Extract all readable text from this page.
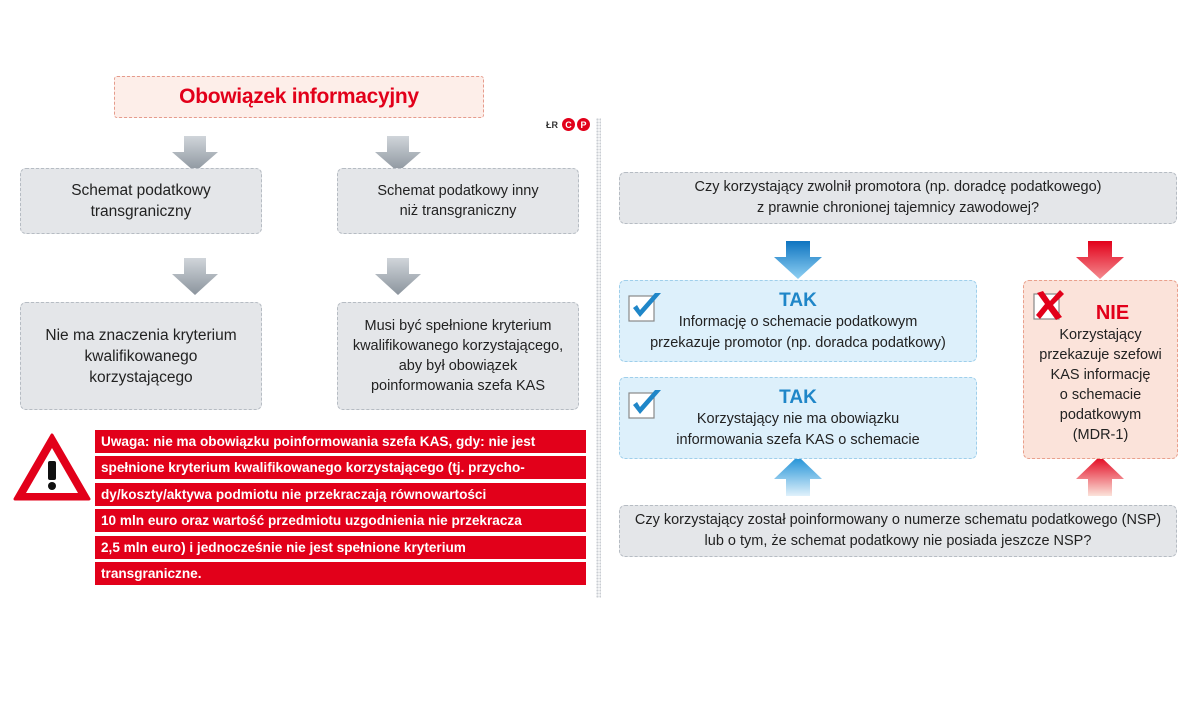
Obowiązek informacyjny
ŁR C P
Schemat podatkowy
transgraniczny
Schemat podatkowy inny
niż transgraniczny
Nie ma znaczenia kryterium
kwalifikowanego
korzystającego
Musi być spełnione kryterium
kwalifikowanego korzystającego,
aby był obowiązek
poinformowania szefa KAS
Uwaga: nie ma obowiązku poinformowania szefa KAS, gdy: nie jest
spełnione kryterium kwalifikowanego korzystającego (tj. przycho-
dy/koszty/aktywa podmiotu nie przekraczają równowartości
10 mln euro oraz wartość przedmiotu uzgodnienia nie przekracza
2,5 mln euro) i jednocześnie nie jest spełnione kryterium
transgraniczne.
Czy korzystający zwolnił promotora (np. doradcę podatkowego)
z prawnie chronionej tajemnicy zawodowej?
TAK
Informację o schemacie podatkowym
przekazuje promotor (np. doradca podatkowy)
TAK
Korzystający nie ma obowiązku
informowania szefa KAS o schemacie
NIE
Korzystający
przekazuje szefowi
KAS informację
o schemacie
podatkowym
(MDR-1)
Czy korzystający został poinformowany o numerze schematu podatkowego (NSP)
lub o tym, że schemat podatkowy nie posiada jeszcze NSP?
